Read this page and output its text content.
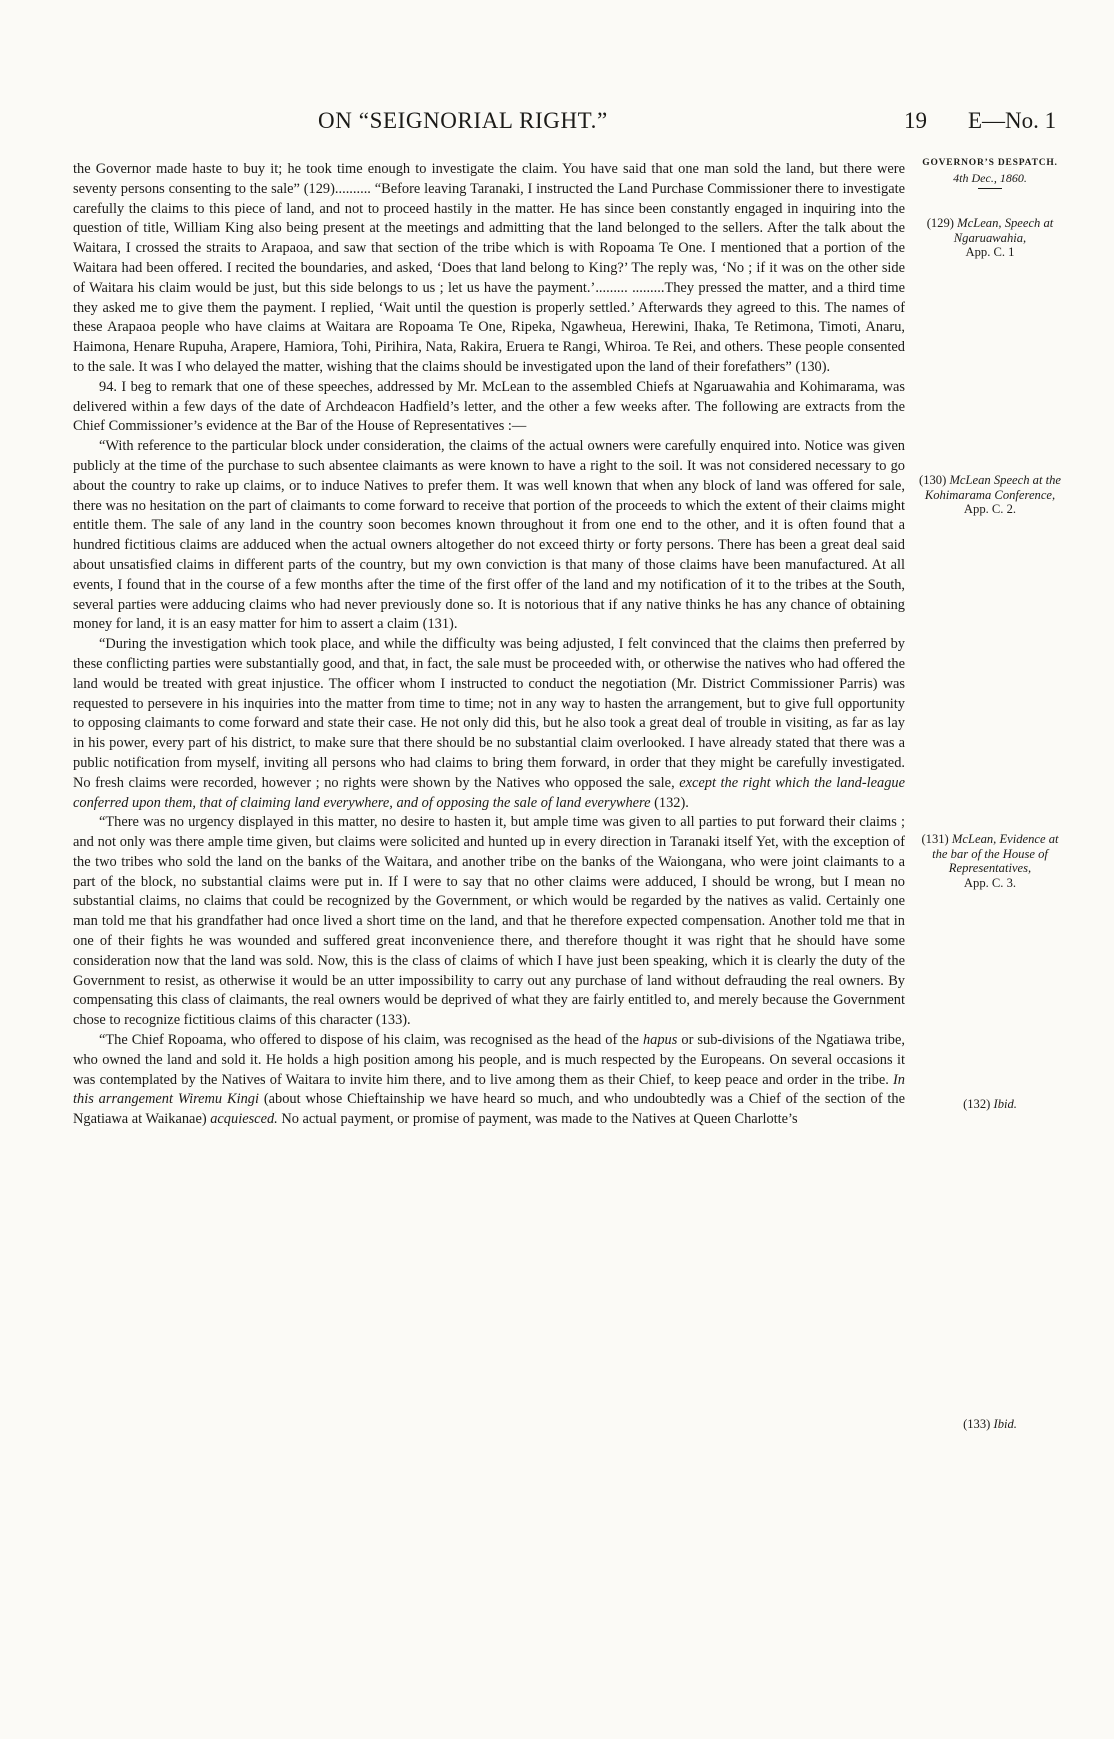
ON “SEIGNORIAL RIGHT.”	19 E—No. 1

the Governor made haste to buy it; he took time enough to investigate the claim. You have said that one man sold the land, but there were seventy persons consenting to the sale” (129).......... “Before leaving Taranaki, I instructed the Land Purchase Commissioner there to investigate carefully the claims to this piece of land, and not to proceed hastily in the matter. He has since been constantly engaged in inquiring into the question of title, William King also being present at the meetings and admitting that the land belonged to the sellers. After the talk about the Waitara, I crossed the straits to Arapaoa, and saw that section of the tribe which is with Ropoama Te One. I mentioned that a portion of the Waitara had been offered. I recited the boundaries, and asked, ‘Does that land belong to King?’ The reply was, ‘No ; if it was on the other side of Waitara his claim would be just, but this side belongs to us ; let us have the payment.’......... .........They pressed the matter, and a third time they asked me to give them the payment. I replied, ‘Wait until the question is properly settled.’ Afterwards they agreed to this. The names of these Arapaoa people who have claims at Waitara are Ropoama Te One, Ripeka, Ngawheua, Herewini, Ihaka, Te Retimona, Timoti, Anaru, Haimona, Henare Rupuha, Arapere, Hamiora, Tohi, Pirihira, Nata, Rakira, Eruera te Rangi, Whiroa. Te Rei, and others. These people consented to the sale. It was I who delayed the matter, wishing that the claims should be investigated upon the land of their forefathers” (130).

94. I beg to remark that one of these speeches, addressed by Mr. McLean to the assembled Chiefs at Ngaruawahia and Kohimarama, was delivered within a few days of the date of Archdeacon Hadfield’s letter, and the other a few weeks after. The following are extracts from the Chief Commissioner’s evidence at the Bar of the House of Representatives :—

“With reference to the particular block under consideration, the claims of the actual owners were carefully enquired into. Notice was given publicly at the time of the purchase to such absentee claimants as were known to have a right to the soil. It was not considered necessary to go about the country to rake up claims, or to induce Natives to prefer them. It was well known that when any block of land was offered for sale, there was no hesitation on the part of claimants to come forward to receive that portion of the proceeds to which the extent of their claims might entitle them. The sale of any land in the country soon becomes known throughout it from one end to the other, and it is often found that a hundred fictitious claims are adduced when the actual owners altogether do not exceed thirty or forty persons. There has been a great deal said about unsatisfied claims in different parts of the country, but my own conviction is that many of those claims have been manufactured. At all events, I found that in the course of a few months after the time of the first offer of the land and my notification of it to the tribes at the South, several parties were adducing claims who had never previously done so. It is notorious that if any native thinks he has any chance of obtaining money for land, it is an easy matter for him to assert a claim (131).

“During the investigation which took place, and while the difficulty was being adjusted, I felt convinced that the claims then preferred by these conflicting parties were substantially good, and that, in fact, the sale must be proceeded with, or otherwise the natives who had offered the land would be treated with great injustice. The officer whom I instructed to conduct the negotiation (Mr. District Commissioner Parris) was requested to persevere in his inquiries into the matter from time to time; not in any way to hasten the arrangement, but to give full opportunity to opposing claimants to come forward and state their case. He not only did this, but he also took a great deal of trouble in visiting, as far as lay in his power, every part of his district, to make sure that there should be no substantial claim overlooked. I have already stated that there was a public notification from myself, inviting all persons who had claims to bring them forward, in order that they might be carefully investigated. No fresh claims were recorded, however ; no rights were shown by the Natives who opposed the sale, except the right which the land-league conferred upon them, that of claiming land everywhere, and of opposing the sale of land everywhere (132).

“There was no urgency displayed in this matter, no desire to hasten it, but ample time was given to all parties to put forward their claims ; and not only was there ample time given, but claims were solicited and hunted up in every direction in Taranaki itself Yet, with the exception of the two tribes who sold the land on the banks of the Waitara, and another tribe on the banks of the Waiongana, who were joint claimants to a part of the block, no substantial claims were put in. If I were to say that no other claims were adduced, I should be wrong, but I mean no substantial claims, no claims that could be recognized by the Government, or which would be regarded by the natives as valid. Certainly one man told me that his grandfather had once lived a short time on the land, and that he therefore expected compensation. Another told me that in one of their fights he was wounded and suffered great inconvenience there, and therefore thought it was right that he should have some consideration now that the land was sold. Now, this is the class of claims of which I have just been speaking, which it is clearly the duty of the Government to resist, as otherwise it would be an utter impossibility to carry out any purchase of land without defrauding the real owners. By compensating this class of claimants, the real owners would be deprived of what they are fairly entitled to, and merely because the Government chose to recognize fictitious claims of this character (133).

“The Chief Ropoama, who offered to dispose of his claim, was recognised as the head of the hapus or sub-divisions of the Ngatiawa tribe, who owned the land and sold it. He holds a high position among his people, and is much respected by the Europeans. On several occasions it was contemplated by the Natives of Waitara to invite him there, and to live among them as their Chief, to keep peace and order in the tribe. In this arrangement Wiremu Kingi (about whose Chieftainship we have heard so much, and who undoubtedly was a Chief of the section of the Ngatiawa at Waikanae) acquiesced. No actual payment, or promise of payment, was made to the Natives at Queen Charlotte’s

GOVERNOR’S DESPATCH.
4th Dec., 1860.
(129) McLean, Speech at Ngaruawahia,
App. C. 1
(130) McLean Speech at the Kohimarama Conference,
App. C. 2.
(131) McLean, Evidence at the bar of the House of Representatives,
App. C. 3.
(132) Ibid.
(133) Ibid.
